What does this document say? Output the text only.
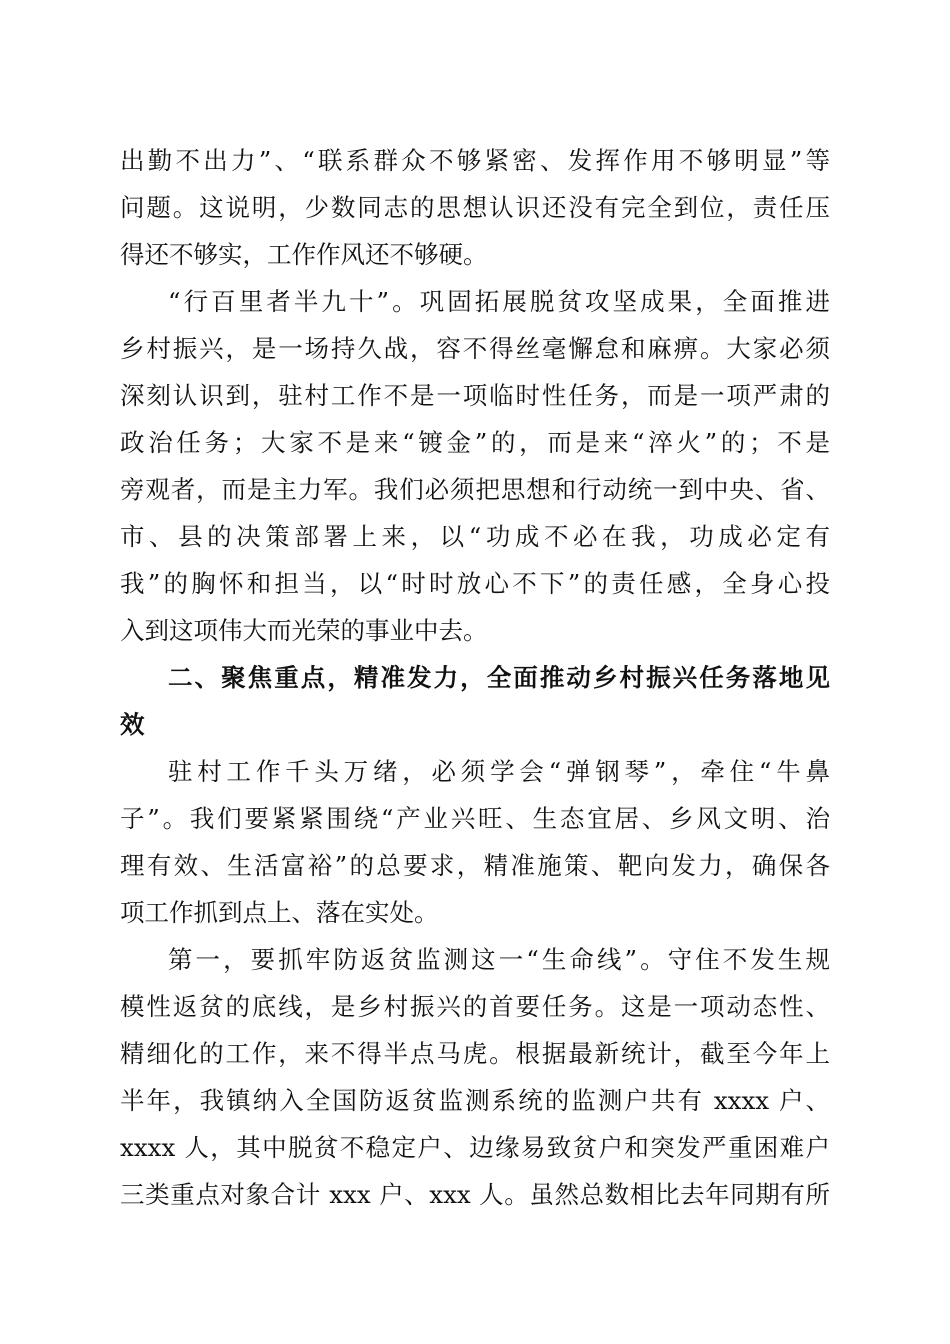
出勤不出力”、“联系群众不够紧密、发挥作用不够明显”等
问题。这说明，少数同志的思想认识还没有完全到位，责任压
得还不够实，工作作风还不够硬。
“行百里者半九十”。巩固拓展脱贫攻坚成果，全面推进
乡村振兴，是一场持久战，容不得丝毫懈怠和麻痹。大家必须
深刻认识到，驻村工作不是一项临时性任务，而是一项严肃的
政治任务；大家不是来“镀金”的，而是来“淬火”的；不是
旁观者，而是主力军。我们必须把思想和行动统一到中央、省、
市、县的决策部署上来，以“功成不必在我，功成必定有
我”的胸怀和担当，以“时时放心不下”的责任感，全身心投
入到这项伟大而光荣的事业中去。
二、聚焦重点，精准发力，全面推动乡村振兴任务落地见
效
驻村工作千头万绪，必须学会“弹钢琴”，牵住“牛鼻
子”。我们要紧紧围绕“产业兴旺、生态宜居、乡风文明、治
理有效、生活富裕”的总要求，精准施策、靶向发力，确保各
项工作抓到点上、落在实处。
第一，要抓牢防返贫监测这一“生命线”。守住不发生规
模性返贫的底线，是乡村振兴的首要任务。这是一项动态性、
精细化的工作，来不得半点马虎。根据最新统计，截至今年上
半年，我镇纳入全国防返贫监测系统的监测户共有 xxxx 户、
xxxx 人，其中脱贫不稳定户、边缘易致贫户和突发严重困难户
三类重点对象合计 xxx 户、xxx 人。虽然总数相比去年同期有所
